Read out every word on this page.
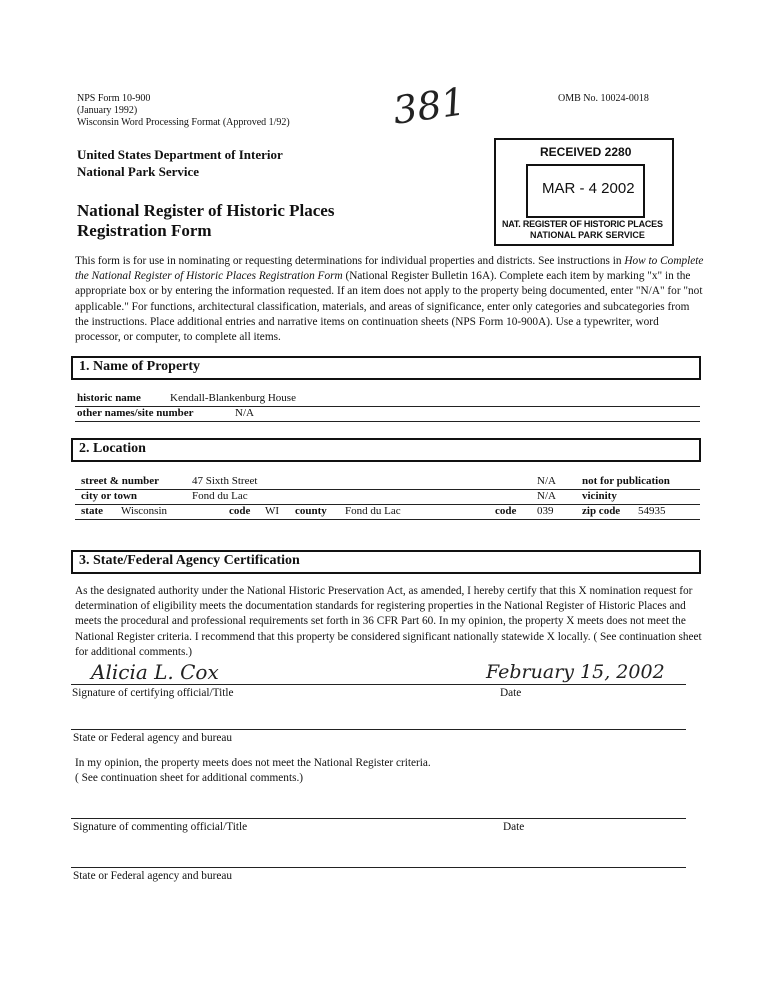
NPS Form 10-900
(January 1992)
Wisconsin Word Processing Format (Approved 1/92)
OMB No. 10024-0018
381
United States Department of Interior
National Park Service
National Register of Historic Places
Registration Form
RECEIVED 2280
MAR - 4 2002
NAT. REGISTER OF HISTORIC PLACES
NATIONAL PARK SERVICE
This form is for use in nominating or requesting determinations for individual properties and districts. See instructions in How to Complete the National Register of Historic Places Registration Form (National Register Bulletin 16A). Complete each item by marking "x" in the appropriate box or by entering the information requested. If an item does not apply to the property being documented, enter "N/A" for "not applicable." For functions, architectural classification, materials, and areas of significance, enter only categories and subcategories from the instructions. Place additional entries and narrative items on continuation sheets (NPS Form 10-900A). Use a typewriter, word processor, or computer, to complete all items.
1. Name of Property
historic name	Kendall-Blankenburg House
other names/site number	N/A
2. Location
street & number	47 Sixth Street	N/A not for publication
city or town	Fond du Lac	N/A vicinity
state Wisconsin	code WI county Fond du Lac	code 039	zip code 54935
3. State/Federal Agency Certification
As the designated authority under the National Historic Preservation Act, as amended, I hereby certify that this X nomination request for determination of eligibility meets the documentation standards for registering properties in the National Register of Historic Places and meets the procedural and professional requirements set forth in 36 CFR Part 60. In my opinion, the property X meets does not meet the National Register criteria. I recommend that this property be considered significant nationally statewide X locally. ( See continuation sheet for additional comments.)
Alicia L. Cox	February 15, 2002
Signature of certifying official/Title	Date
State or Federal agency and bureau
In my opinion, the property meets does not meet the National Register criteria.
( See continuation sheet for additional comments.)
Signature of commenting official/Title	Date
State or Federal agency and bureau
